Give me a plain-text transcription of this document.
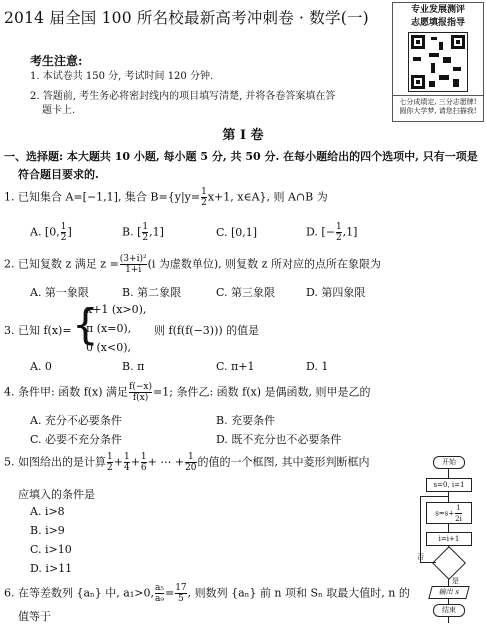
2014 届全国 100 所名校最新高考冲刺卷 · 数学(一)	专业发展测评
志愿填报指导
七分成绩定, 三分志愿牌!
圆你大学梦, 请您扫描我!
考生注意:
1. 本试卷共 150 分, 考试时间 120 分钟.
2. 答题前, 考生务必将密封线内的项目填写清楚, 并将各卷答案填在答
题卡上.
第 Ⅰ 卷
一、选择题: 本大题共 10 小题, 每小题 5 分, 共 50 分. 在每小题给出的四个选项中, 只有一项是
符合题目要求的.
1. 已知集合 A=[−1,1], 集合 $B=\{y|y= \frac{1}{2} x+1$, x∈A}, 则 A∩B 为
A. [0, $\frac{1}{2}$ ]	B. [ $\frac{1}{2} ,1$]	C. [0,1]	D. [− $\frac{1}{2} ,1$]
2. 已知复数 z 满足 $z = \frac{\text{(3+i)²}}{1+i} (i$ 为虚数单位), 则复数 z 所对应的点所在象限为
A. 第一象限	B. 第二象限	C. 第三象限	D. 第四象限
3. 已知 f(x)= {
x+1 (x>0),
π (x=0),
0 (x<0),
则 f(f(f(−3))) 的值是
A. 0	B. π	C. π+1	D. 1
4. 条件甲: 函数 f(x) 满足 $\frac{f(-x)}{f(x)} =1$; 条件乙: 函数 f(x) 是偶函数, 则甲是乙的
A. 充分不必要条件	B. 充要条件
C. 必要不充分条件	D. 既不充分也不必要条件
5. 如图给出的是计算 $\frac{1}{2} + \frac{1}{4} + \frac{1}{6}$ + ⋯ + $\frac{1}{20}$ 的值的一个框图, 其中菱形判断框内
应填入的条件是
A. i>8
B. i>9
C. i>10
D. i>11
开始
s=0, i=1
$s=s+ \frac{1}{2i}$
i=i+1
否
是
输出 s
结束
6. 在等差数列 {aₙ} 中, a₁>0, $\frac{\text{a₅}}{\text{a₉}} = \frac{17}{5}$ , 则数列 {aₙ} 前 n 项和 Sₙ 取最大值时, n 的
值等于
